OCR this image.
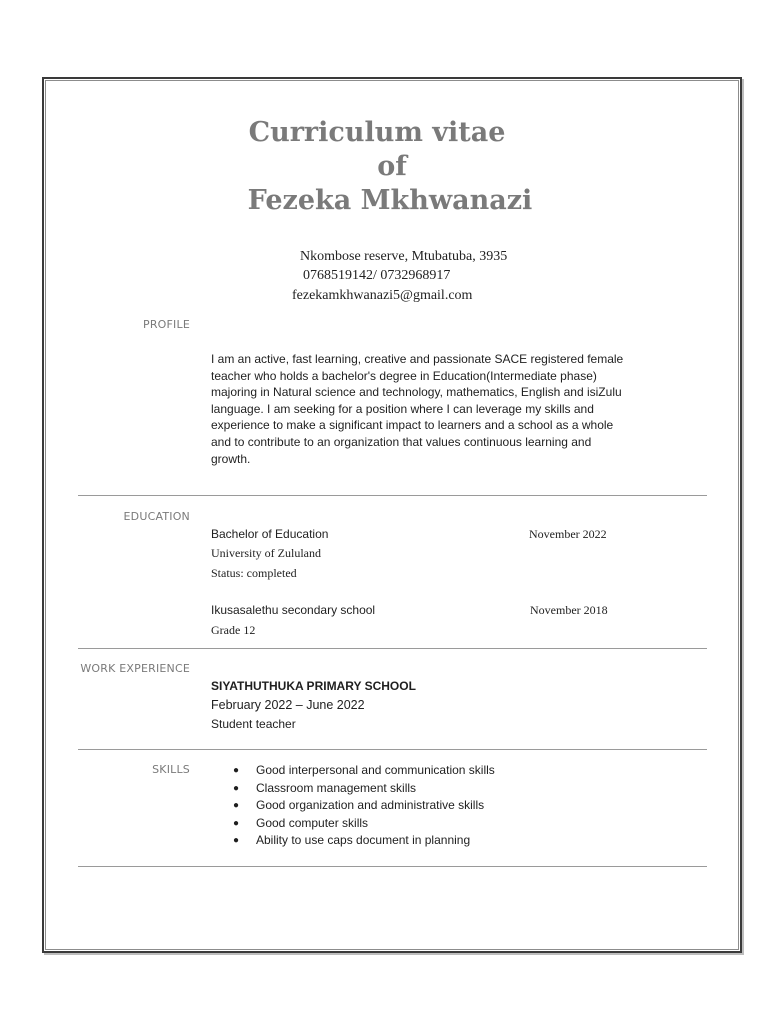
Curriculum vitae
of
Fezeka Mkhwanazi
Nkombose reserve, Mtubatuba, 3935
0768519142/ 0732968917
fezekamkhwanazi5@gmail.com
PROFILE
I am an active, fast learning, creative and passionate SACE registered female teacher who holds a bachelor's degree in Education(Intermediate phase) majoring in Natural science and technology, mathematics, English and isiZulu language. I am seeking for a position where I can leverage my skills and experience to make a significant impact to learners and a school as a whole and to contribute to an organization that values continuous learning and growth.
EDUCATION
Bachelor of Education
University of Zululand
Status: completed
November 2022
Ikusasalethu secondary school
Grade 12
November 2018
WORK EXPERIENCE
SIYATHUTHUKA PRIMARY SCHOOL
February 2022 – June 2022
Student teacher
SKILLS	● Good interpersonal and communication skills
● Classroom management skills
● Good organization and administrative skills
● Good computer skills
● Ability to use caps document in planning
